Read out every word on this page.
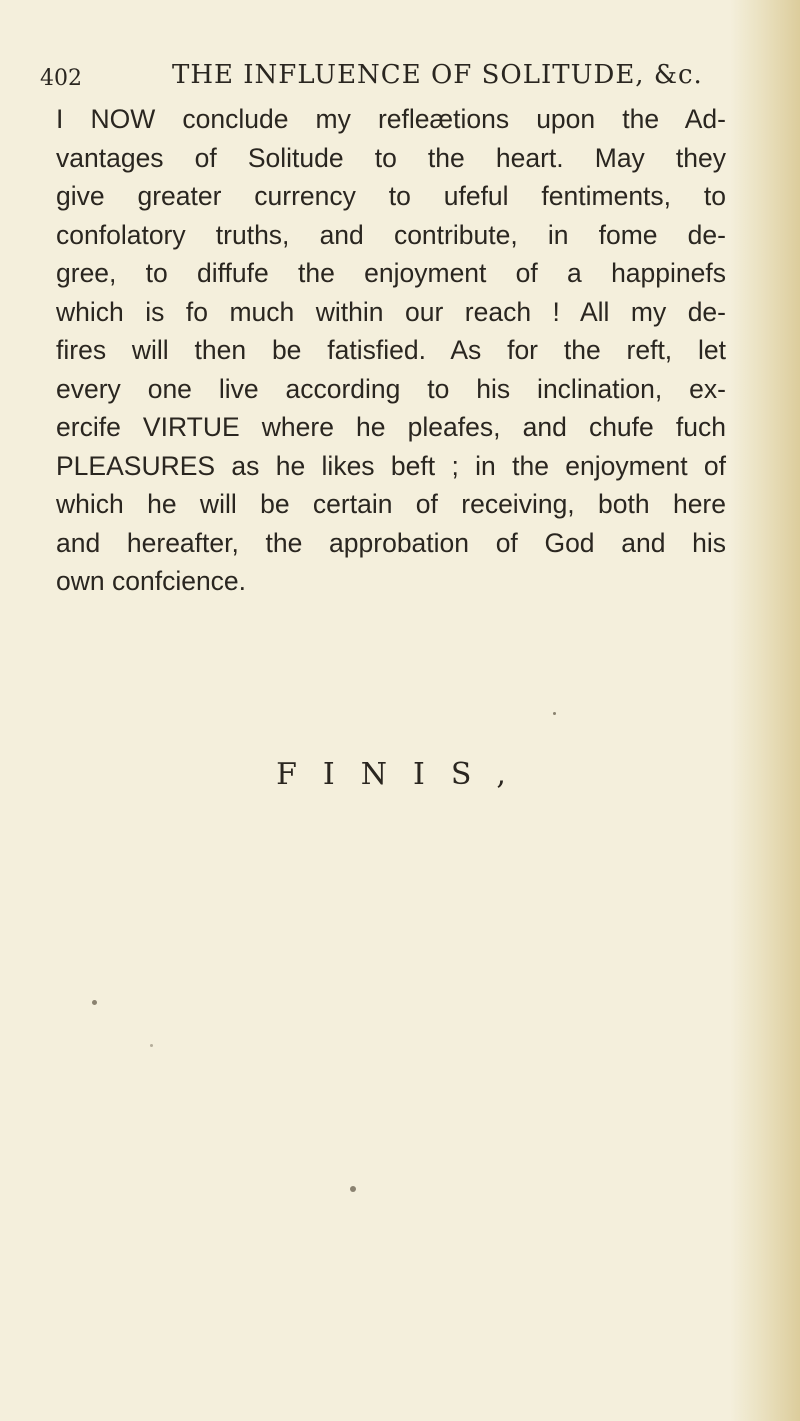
402	THE INFLUENCE OF SOLITUDE, &c.

I NOW conclude my refleætions upon the Ad-
vantages of Solitude to the heart. May they
give greater currency to ufeful fentiments, to
confolatory truths, and contribute, in fome de-
gree, to diffufe the enjoyment of a happinefs
which is fo much within our reach ! All my de-
fires will then be fatisfied. As for the reft, let
every one live according to his inclination, ex-
ercife VIRTUE where he pleafes, and chufe fuch
PLEASURES as he likes beft ; in the enjoyment of
which he will be certain of receiving, both here
and hereafter, the approbation of God and his
own confcience.

FINIS,
